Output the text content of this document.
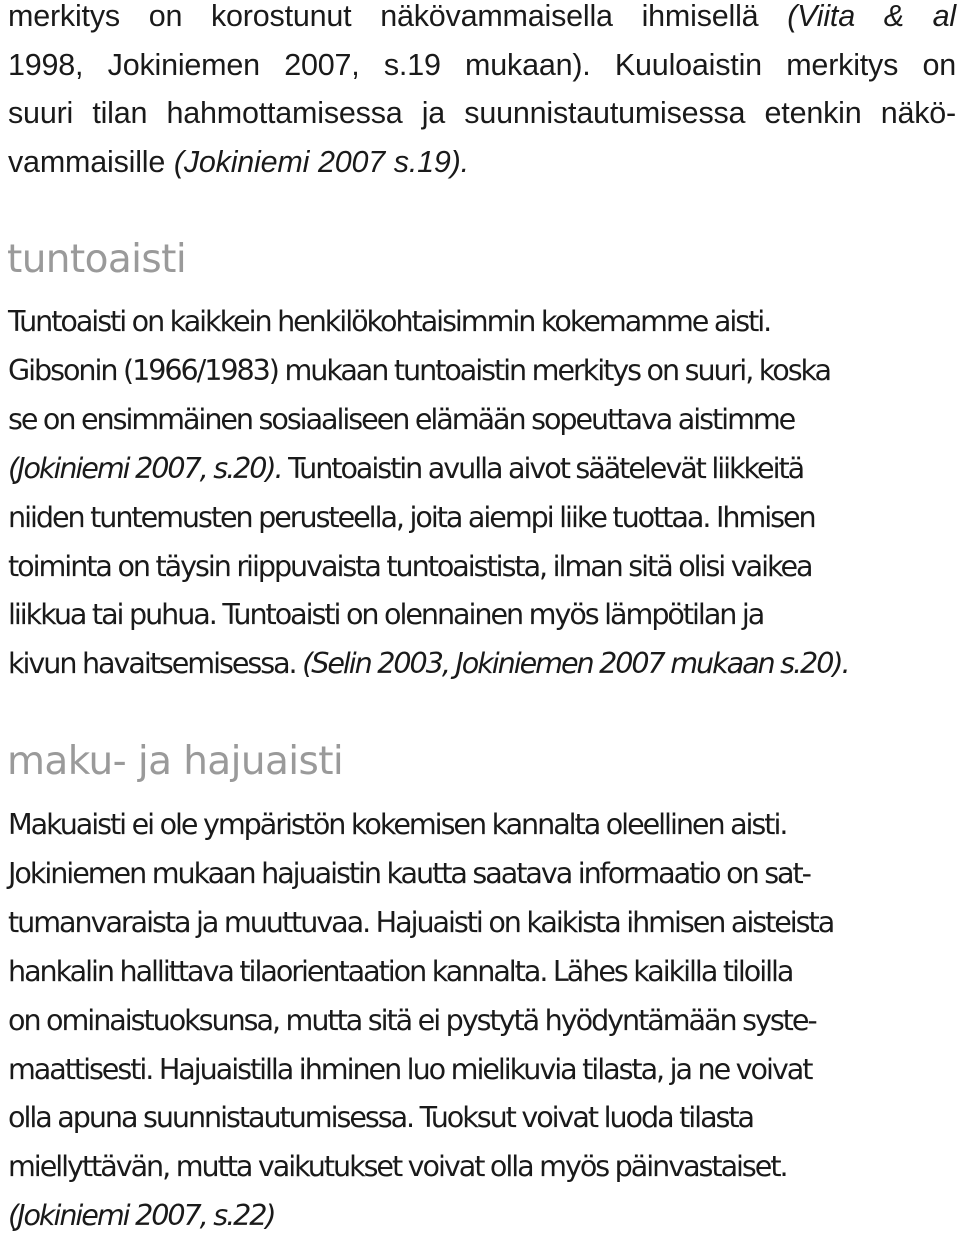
merkitys on korostunut näkövammaisella ihmisellä (Viita & al
1998, Jokiniemen 2007, s.19 mukaan). Kuuloaistin merkitys on
suuri tilan hahmottamisessa ja suunnistautumisessa etenkin näkö-
vammaisille (Jokiniemi 2007 s.19).
tuntoaisti
Tuntoaisti on kaikkein henkilökohtaisimmin kokemamme aisti.
Gibsonin (1966/1983) mukaan tuntoaistin merkitys on suuri, koska
se on ensimmäinen sosiaaliseen elämään sopeuttava aistimme
(Jokiniemi 2007, s.20). Tuntoaistin avulla aivot säätelevät liikkeitä
niiden tuntemusten perusteella, joita aiempi liike tuottaa. Ihmisen
toiminta on täysin riippuvaista tuntoaistista, ilman sitä olisi vaikea
liikkua tai puhua. Tuntoaisti on olennainen myös lämpötilan ja
kivun havaitsemisessa. (Selin 2003, Jokiniemen 2007 mukaan s.20).
maku- ja hajuaisti
Makuaisti ei ole ympäristön kokemisen kannalta oleellinen aisti.
Jokiniemen mukaan hajuaistin kautta saatava informaatio on sat-
tumanvaraista ja muuttuvaa. Hajuaisti on kaikista ihmisen aisteista
hankalin hallittava tilaorientaation kannalta. Lähes kaikilla tiloilla
on ominaistuoksunsa, mutta sitä ei pystytä hyödyntämään syste-
maattisesti. Hajuaistilla ihminen luo mielikuvia tilasta, ja ne voivat
olla apuna suunnistautumisessa. Tuoksut voivat luoda tilasta
miellyttävän, mutta vaikutukset voivat olla myös päinvastaiset.
(Jokiniemi 2007, s.22)
